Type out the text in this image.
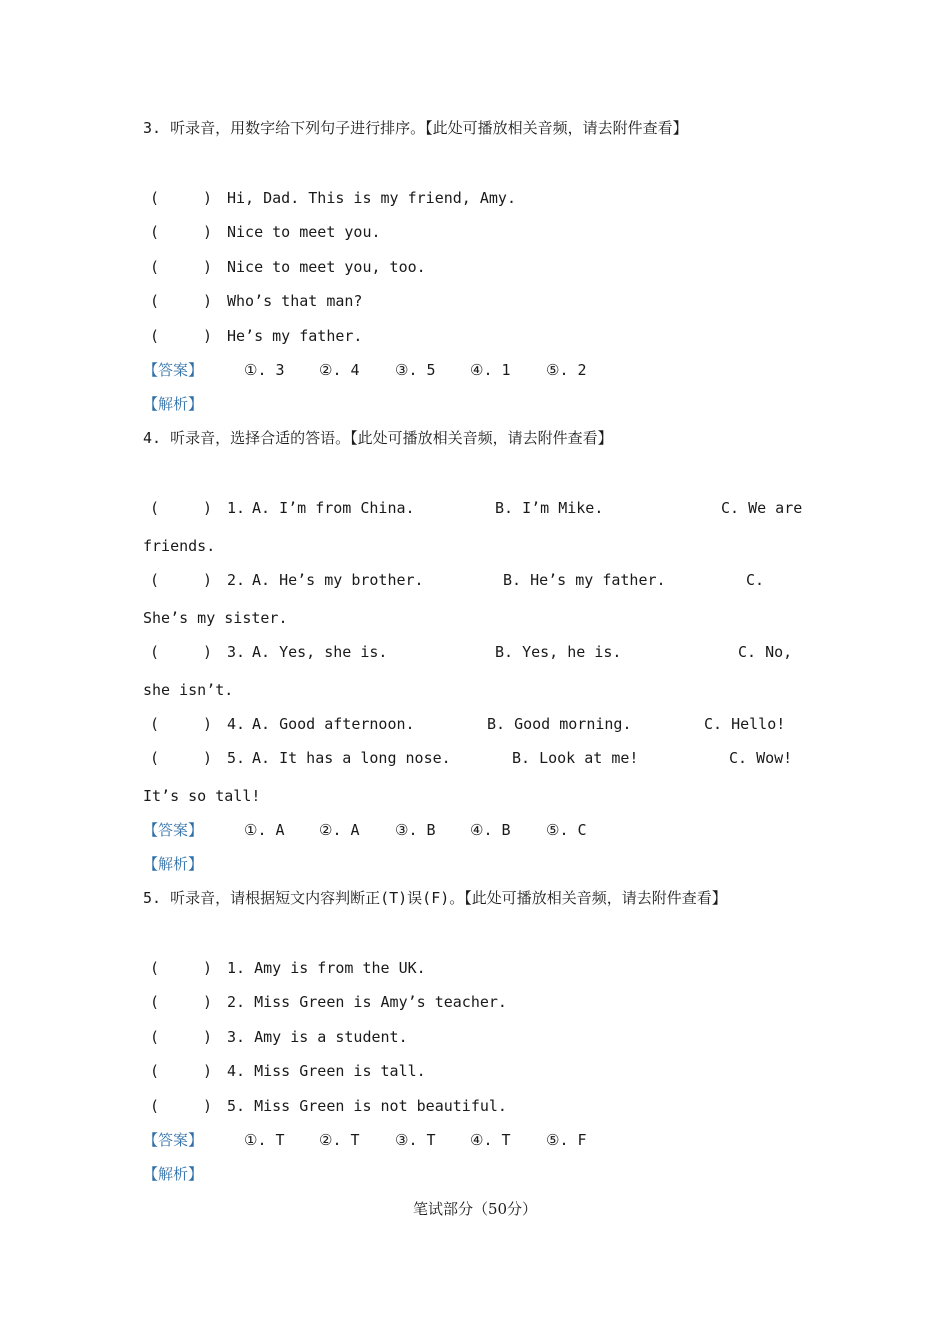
3. 听录音，用数字给下列句子进行排序。【此处可播放相关音频，请去附件查看】
(	) Hi, Dad. This is my friend, Amy.
(	) Nice to meet you.
(	) Nice to meet you, too.
(	) Who’s that man?
(	) He’s my father.
【答案】	①. 3 ②. 4 ③. 5 ④. 1 ⑤. 2
【解析】
4. 听录音，选择合适的答语。【此处可播放相关音频，请去附件查看】
(	) 1. A. I’m from China.	B. I’m Mike.	C. We are
friends.
(	) 2. A. He’s my brother.	B. He’s my father.	C.
She’s my sister.
(	) 3. A. Yes, she is.	B. Yes, he is.	C. No,
she isn’t.
(	) 4. A. Good afternoon.	B. Good morning.	C. Hello!
(	) 5. A. It has a long nose.	B. Look at me!	C. Wow!
It’s so tall!
【答案】	①. A ②. A ③. B ④. B ⑤. C
【解析】
5. 听录音，请根据短文内容判断正(T)误(F)。【此处可播放相关音频，请去附件查看】
(	) 1. Amy is from the UK.
(	) 2. Miss Green is Amy’s teacher.
(	) 3. Amy is a student.
(	) 4. Miss Green is tall.
(	) 5. Miss Green is not beautiful.
【答案】	①. T ②. T ③. T ④. T ⑤. F
【解析】
笔试部分（50分）
